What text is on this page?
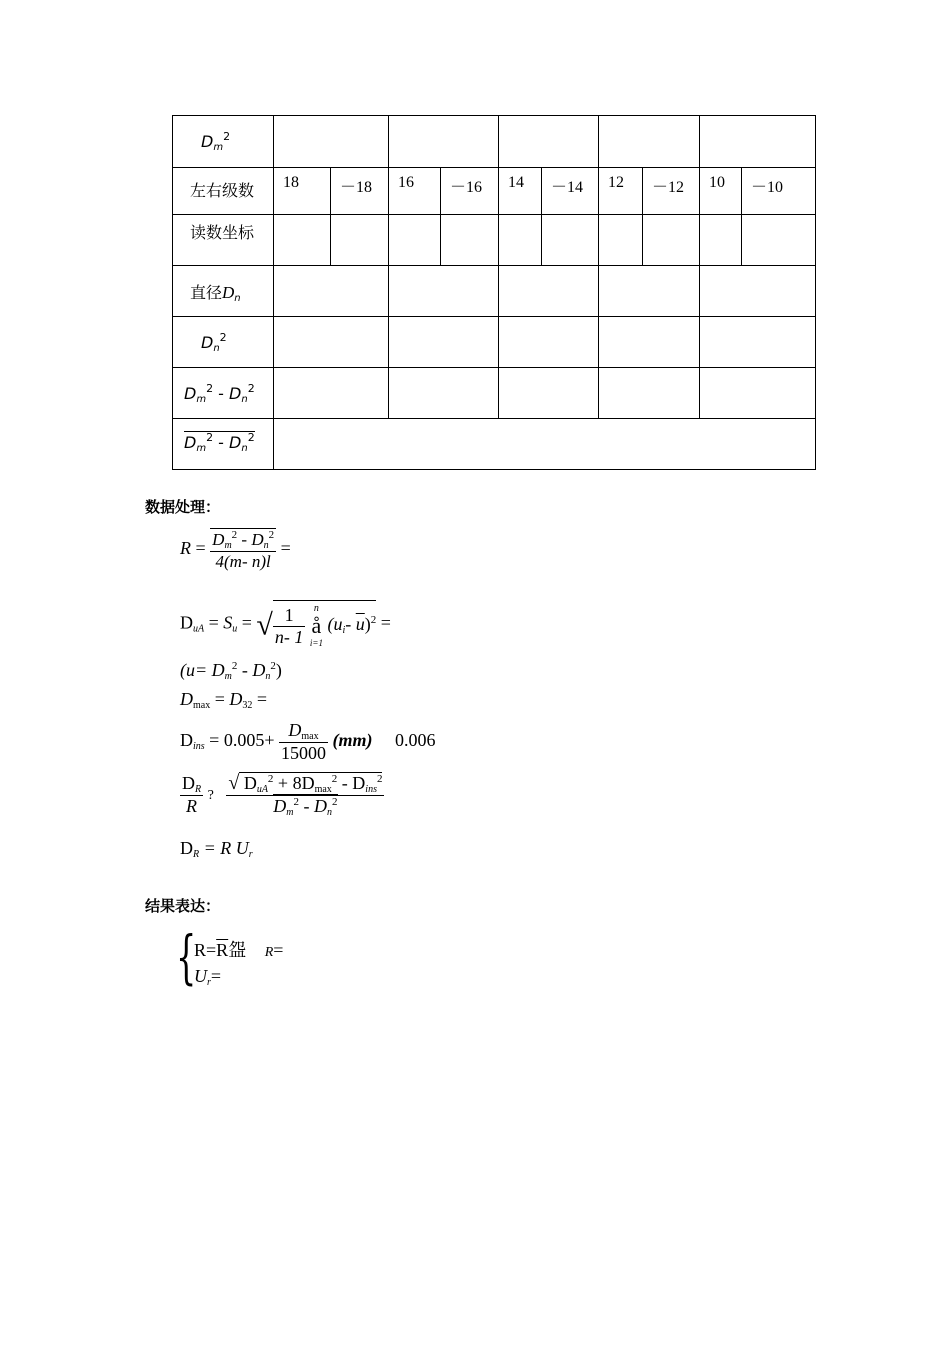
$D_m^2$					
左右级数	18	－18	16	－16	14	－14	12	－12	10	－10
读数坐标										
直径$D_n$					
$D_n^2$					
$D_m^2 - D_n^2$					
$D_m^2 - D_n^2$	
数据处理：
$R = \frac{D_m^2 - D_n^2}{4(m- n)l}$ =
$D_{uA} = S_u$ = √ $\frac{1}{n- 1}$
n
å
i=1
($u_i-$ $\overline{u})^2$ =
$(u= D_m^2 - D_n^2)$
$D_{max} = D_{32}$ =
$D_{ins} = 0.005+ \frac{D_{max}}{15000} (mm)$ 0.006
$\frac{D_R}{R}$ ? $\frac{√ D_{uA}^2 + 8D_{max}^2 - D_{ins}^2}{D_m^2 - D_n^2}$
$D_R = R$ $U_r$
结果表达：
{
$R=\overline{R}$盌 R=
$U_r=$
